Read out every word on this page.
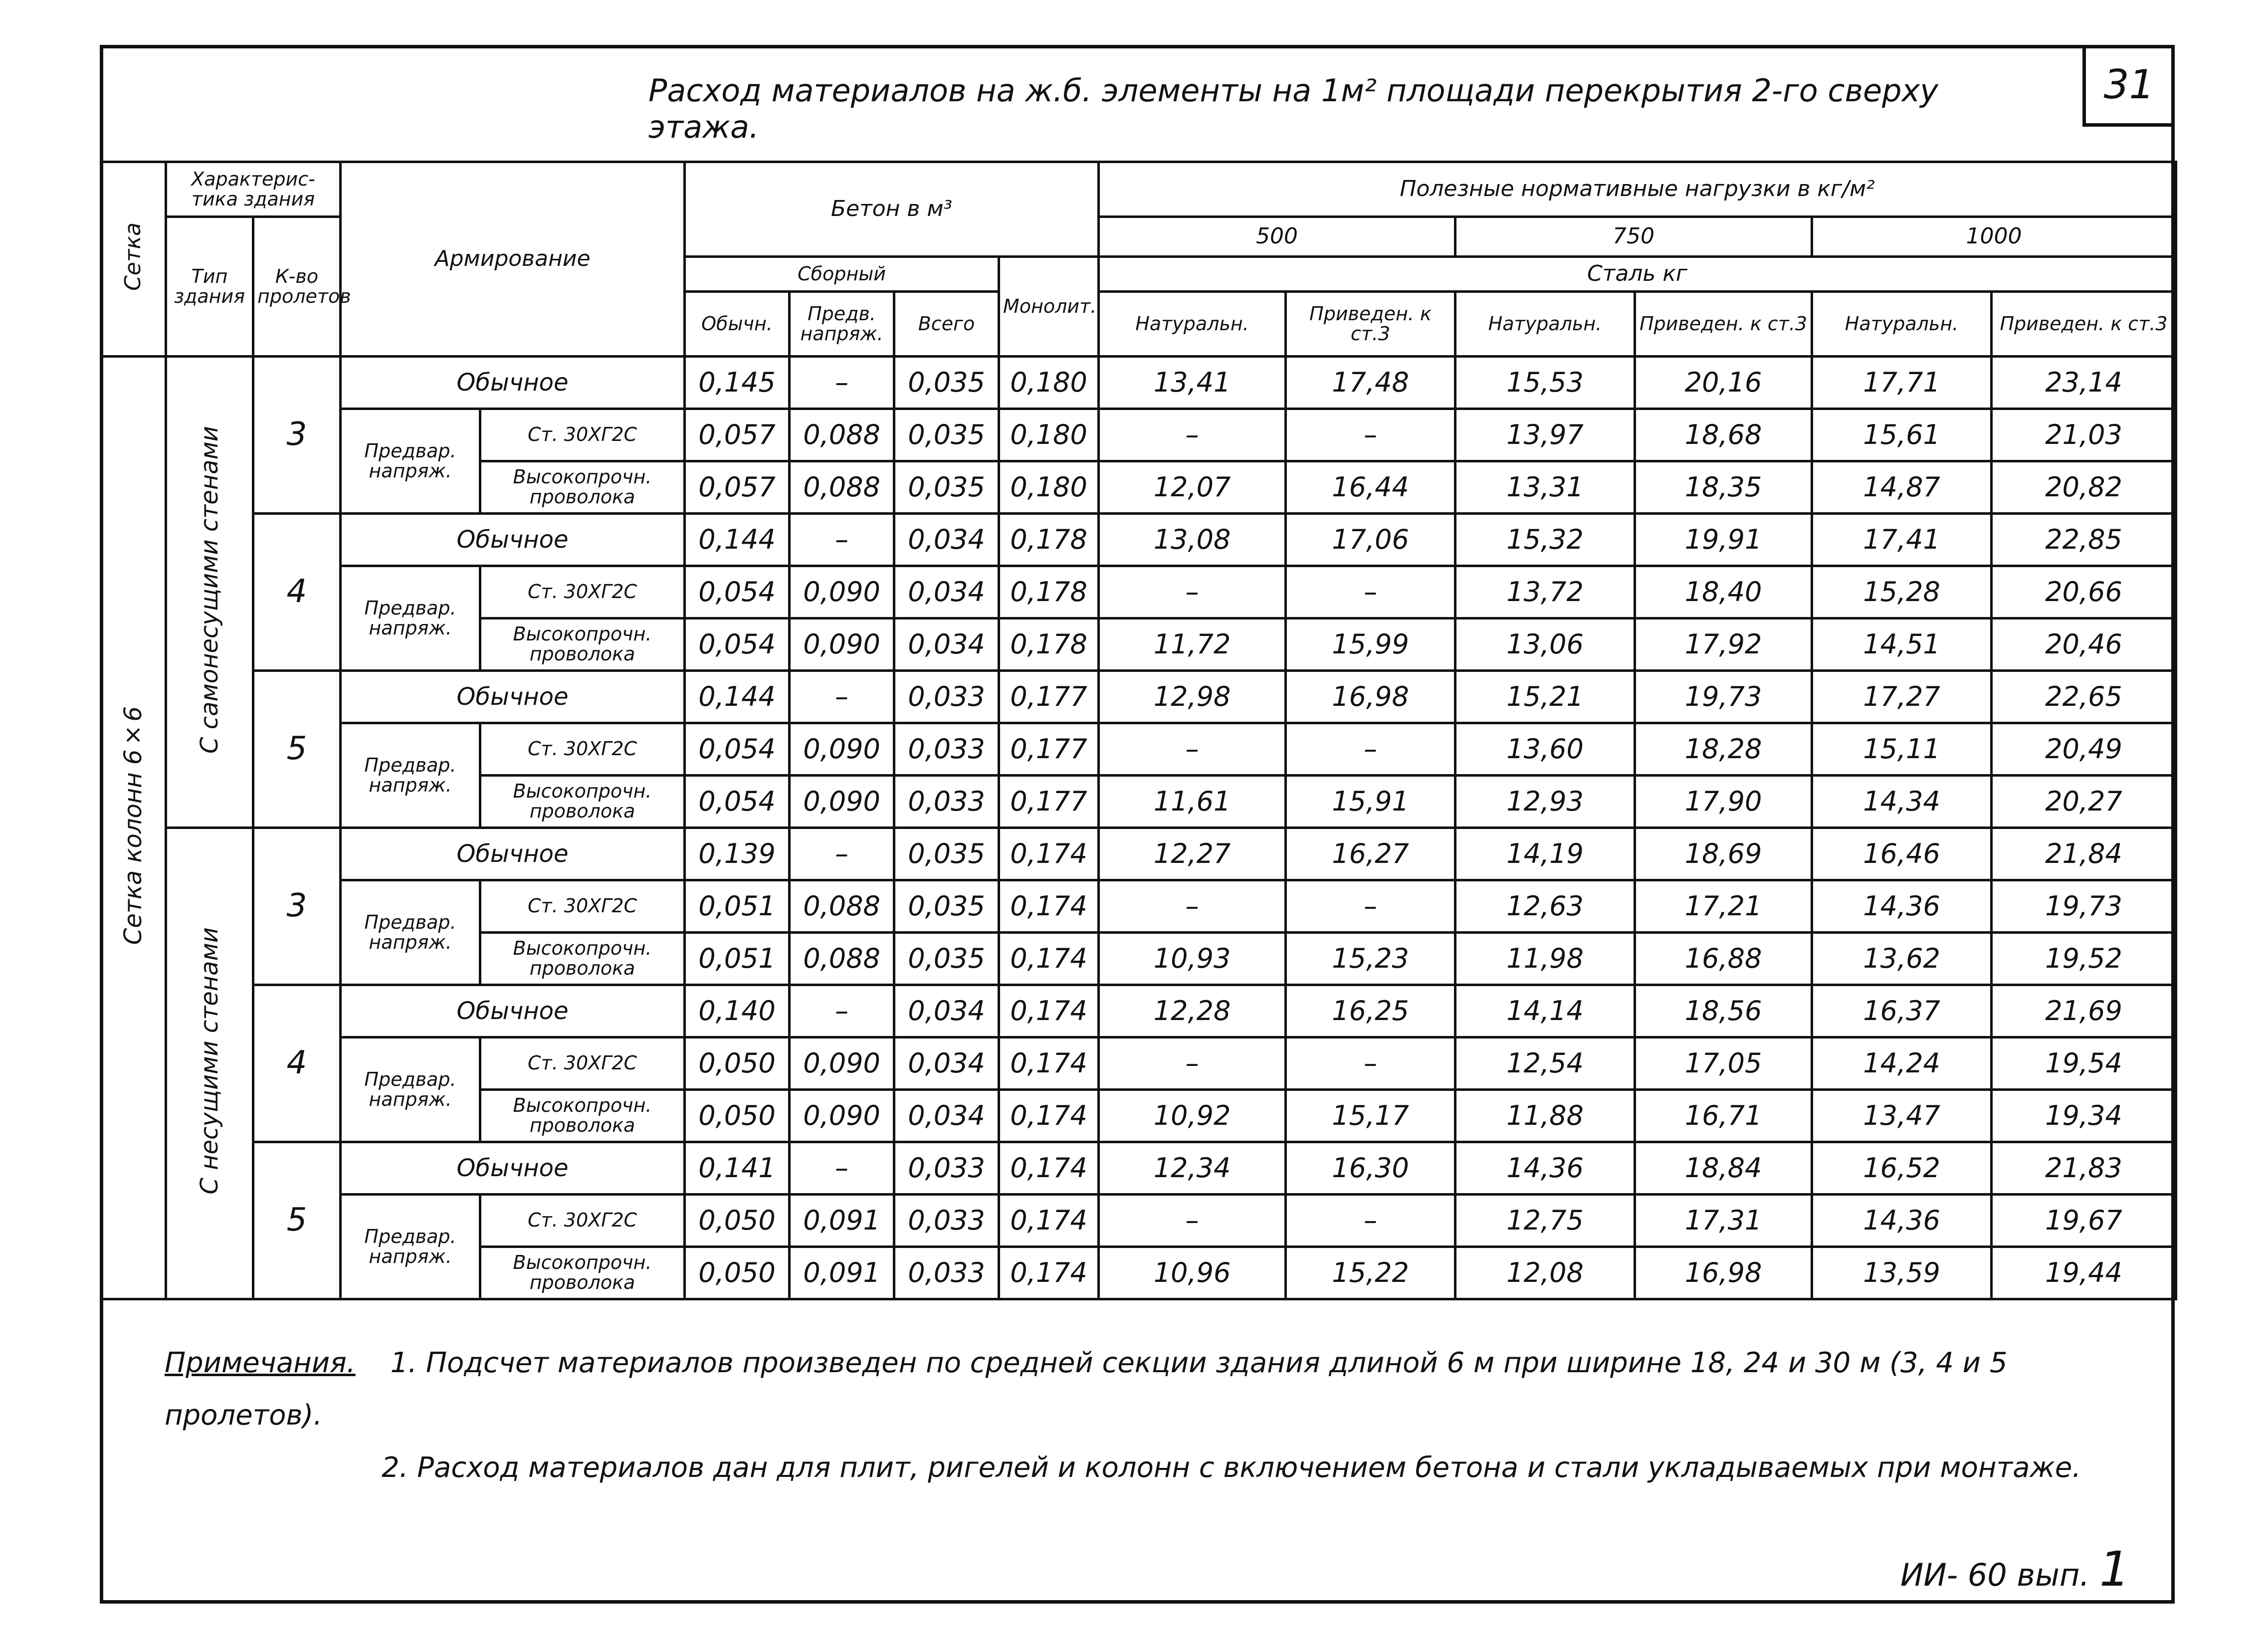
31
Расход материалов на ж.б. элементы на 1м² площади перекрытия 2-го сверху этажа.
Сетка	Характерис- тика здания		Армирование		Бетон в м³				Полезные нормативные нагрузки в кг/м²					
	Тип здания	К-во пролетов							500		750		1000	
					Сборный			Монолит.	Сталь кг					
					Обычн.	Предв. напряж.	Всего		Натуральн.	Приведен. к ст.3	Натуральн.	Приведен. к ст.3	Натуральн.	Приведен. к ст.3
Сетка колонн 6×6	С самонесущими стенами	3	Обычное		0,145	–	0,035	0,180	13,41	17,48	15,53	20,16	17,71	23,14
			Предвар. напряж.	Ст. 30ХГ2С	0,057	0,088	0,035	0,180	–	–	13,97	18,68	15,61	21,03
				Высокопрочн. проволока	0,057	0,088	0,035	0,180	12,07	16,44	13,31	18,35	14,87	20,82
		4	Обычное		0,144	–	0,034	0,178	13,08	17,06	15,32	19,91	17,41	22,85
			Предвар. напряж.	Ст. 30ХГ2С	0,054	0,090	0,034	0,178	–	–	13,72	18,40	15,28	20,66
				Высокопрочн. проволока	0,054	0,090	0,034	0,178	11,72	15,99	13,06	17,92	14,51	20,46
		5	Обычное		0,144	–	0,033	0,177	12,98	16,98	15,21	19,73	17,27	22,65
			Предвар. напряж.	Ст. 30ХГ2С	0,054	0,090	0,033	0,177	–	–	13,60	18,28	15,11	20,49
				Высокопрочн. проволока	0,054	0,090	0,033	0,177	11,61	15,91	12,93	17,90	14,34	20,27
	С несущими стенами	3	Обычное		0,139	–	0,035	0,174	12,27	16,27	14,19	18,69	16,46	21,84
			Предвар. напряж.	Ст. 30ХГ2С	0,051	0,088	0,035	0,174	–	–	12,63	17,21	14,36	19,73
				Высокопрочн. проволока	0,051	0,088	0,035	0,174	10,93	15,23	11,98	16,88	13,62	19,52
		4	Обычное		0,140	–	0,034	0,174	12,28	16,25	14,14	18,56	16,37	21,69
			Предвар. напряж.	Ст. 30ХГ2С	0,050	0,090	0,034	0,174	–	–	12,54	17,05	14,24	19,54
				Высокопрочн. проволока	0,050	0,090	0,034	0,174	10,92	15,17	11,88	16,71	13,47	19,34
		5	Обычное		0,141	–	0,033	0,174	12,34	16,30	14,36	18,84	16,52	21,83
			Предвар. напряж.	Ст. 30ХГ2С	0,050	0,091	0,033	0,174	–	–	12,75	17,31	14,36	19,67
				Высокопрочн. проволока	0,050	0,091	0,033	0,174	10,96	15,22	12,08	16,98	13,59	19,44
Примечания. 1. Подсчет материалов произведен по средней секции здания длиной 6 м при ширине 18, 24 и 30 м (3, 4 и 5 пролетов).
2. Расход материалов дан для плит, ригелей и колонн с включением бетона и стали укладываемых при монтаже.
ИИ- 60 вып. 1
